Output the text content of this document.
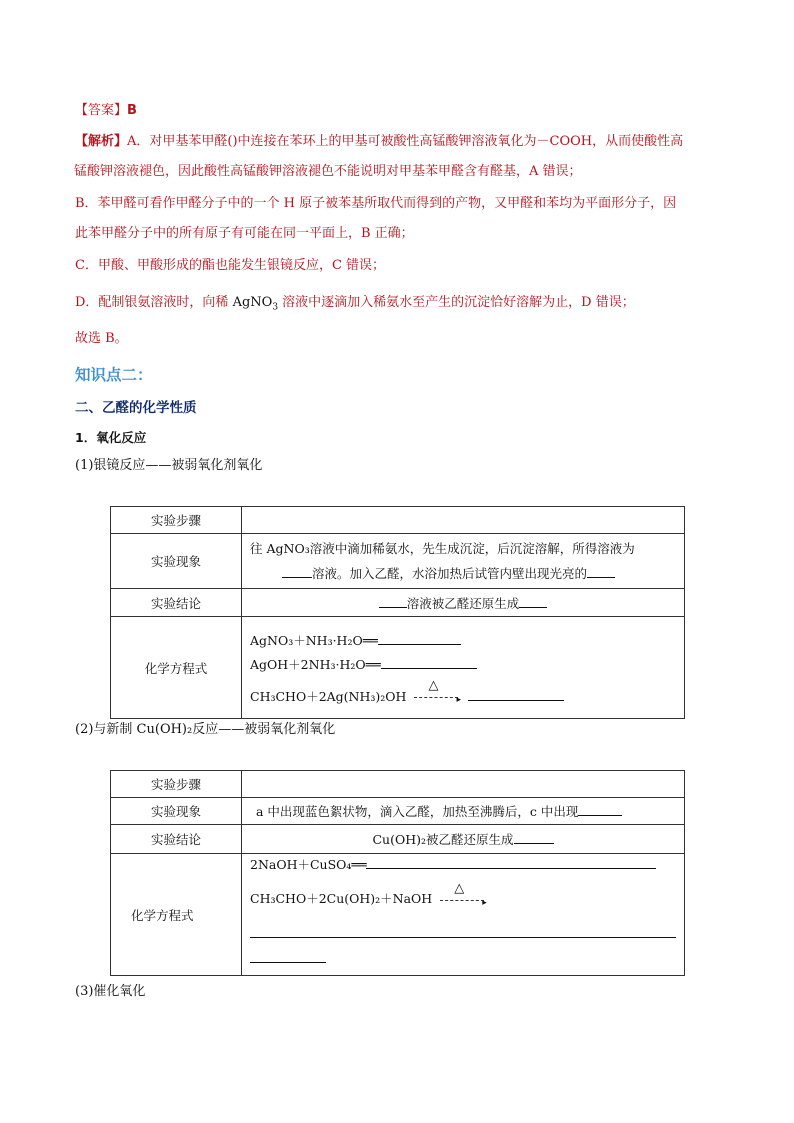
【答案】B
【解析】A．对甲基苯甲醛()中连接在苯环上的甲基可被酸性高锰酸钾溶液氧化为－COOH，从而使酸性高
锰酸钾溶液褪色，因此酸性高锰酸钾溶液褪色不能说明对甲基苯甲醛含有醛基，A 错误；
B．苯甲醛可看作甲醛分子中的一个 H 原子被苯基所取代而得到的产物，又甲醛和苯均为平面形分子，因
此苯甲醛分子中的所有原子有可能在同一平面上，B 正确；
C．甲酸、甲酸形成的酯也能发生银镜反应，C 错误；
D．配制银氨溶液时，向稀 AgNO$_3$ 溶液中逐滴加入稀氨水至产生的沉淀恰好溶解为止，D 错误；
故选 B。
知识点二：
二、乙醛的化学性质
1．氧化反应
(1)银镜反应——被弱氧化剂氧化
实验步骤	
实验现象	往 AgNO₃溶液中滴加稀氨水，先生成沉淀，后沉淀溶解，所得溶液为
溶液。加入乙醛，水浴加热后试管内壁出现光亮的
实验结论	溶液被乙醛还原生成
化学方程式	AgNO₃＋NH₃·H₂O══
AgOH＋2NH₃·H₂O══
CH₃CHO＋2Ag(NH₃)₂OH
△
▸
(2)与新制 Cu(OH)₂反应——被弱氧化剂氧化
实验步骤	
实验现象	a 中出现蓝色絮状物，滴入乙醛，加热至沸腾后，c 中出现
实验结论	Cu(OH)₂被乙醛还原生成
化学方程式	2NaOH＋CuSO₄══
CH₃CHO＋2Cu(OH)₂＋NaOH
△
▸
(3)催化氧化
